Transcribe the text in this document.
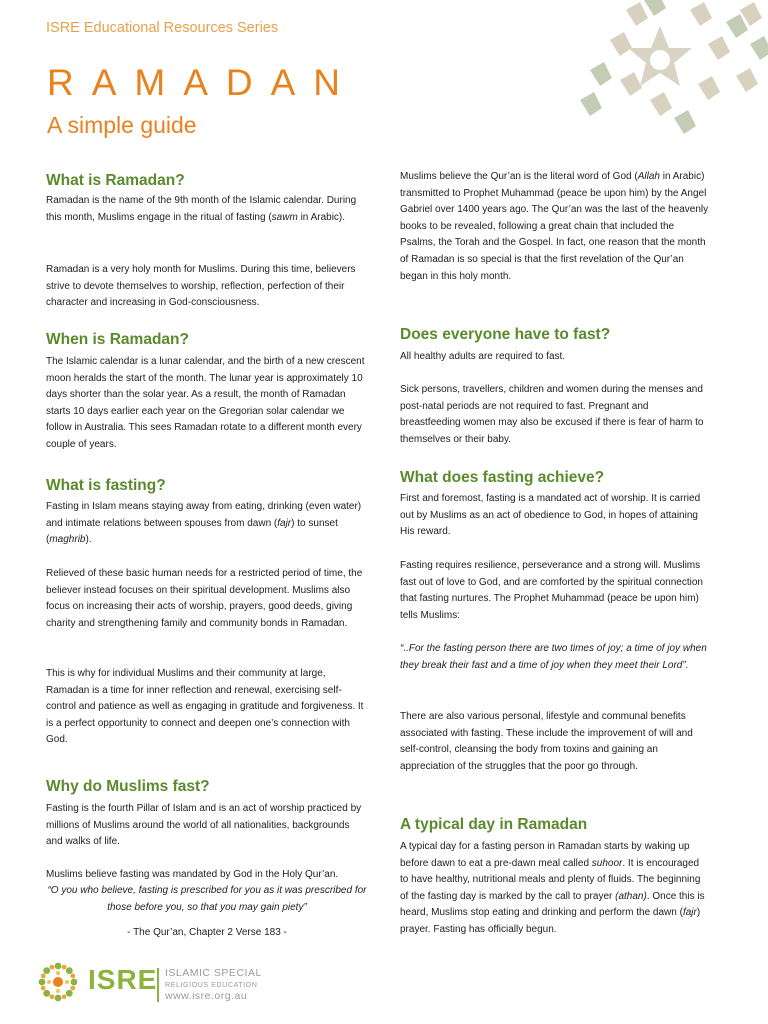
ISRE Educational Resources Series
RAMADAN
A simple guide
What is Ramadan?

Ramadan is the name of the 9th month of the Islamic calendar. During this month, Muslims engage in the ritual of fasting (sawm in Arabic).

Ramadan is a very holy month for Muslims. During this time, believers strive to devote themselves to worship, reflection, perfection of their character and increasing in God-consciousness.

When is Ramadan?

The Islamic calendar is a lunar calendar, and the birth of a new crescent moon heralds the start of the month. The lunar year is approximately 10 days shorter than the solar year. As a result, the month of Ramadan starts 10 days earlier each year on the Gregorian solar calendar we follow in Australia. This sees Ramadan rotate to a different month every couple of years.

What is fasting?

Fasting in Islam means staying away from eating, drinking (even water) and intimate relations between spouses from dawn (fajr) to sunset (maghrib).

Relieved of these basic human needs for a restricted period of time, the believer instead focuses on their spiritual development. Muslims also focus on increasing their acts of worship, prayers, good deeds, giving charity and strengthening family and community bonds in Ramadan.

This is why for individual Muslims and their community at large, Ramadan is a time for inner reflection and renewal, exercising self-control and patience as well as engaging in gratitude and forgiveness. It is a perfect opportunity to connect and deepen one’s connection with God.

Why do Muslims fast?

Fasting is the fourth Pillar of Islam and is an act of worship practiced by millions of Muslims around the world of all nationalities, backgrounds and walks of life.

Muslims believe fasting was mandated by God in the Holy Qur’an.

“O you who believe, fasting is prescribed for you as it was prescribed for those before you, so that you may gain piety”

- The Qur’an, Chapter 2 Verse 183 -

Muslims believe the Qur’an is the literal word of God (Allah in Arabic) transmitted to Prophet Muhammad (peace be upon him) by the Angel Gabriel over 1400 years ago. The Qur’an was the last of the heavenly books to be revealed, following a great chain that included the Psalms, the Torah and the Gospel. In fact, one reason that the month of Ramadan is so special is that the first revelation of the Qur’an began in this holy month.

Does everyone have to fast?

All healthy adults are required to fast.

Sick persons, travellers, children and women during the menses and post-natal periods are not required to fast. Pregnant and breastfeeding women may also be excused if there is fear of harm to themselves or their baby.

What does fasting achieve?

First and foremost, fasting is a mandated act of worship. It is carried out by Muslims as an act of obedience to God, in hopes of attaining His reward.

Fasting requires resilience, perseverance and a strong will. Muslims fast out of love to God, and are comforted by the spiritual connection that fasting nurtures. The Prophet Muhammad (peace be upon him) tells Muslims:

“..For the fasting person there are two times of joy; a time of joy when they break their fast and a time of joy when they meet their Lord”.

There are also various personal, lifestyle and communal benefits associated with fasting. These include the improvement of will and self-control, cleansing the body from toxins and gaining an appreciation of the struggles that the poor go through.

A typical day in Ramadan

A typical day for a fasting person in Ramadan starts by waking up before dawn to eat a pre-dawn meal called suhoor. It is encouraged to have healthy, nutritional meals and plenty of fluids. The beginning of the fasting day is marked by the call to prayer (athan). Once this is heard, Muslims stop eating and drinking and perform the dawn (fajr) prayer. Fasting has officially begun.

ISRE ISLAMIC SPECIAL
RELIGIOUS EDUCATION
www.isre.org.au
